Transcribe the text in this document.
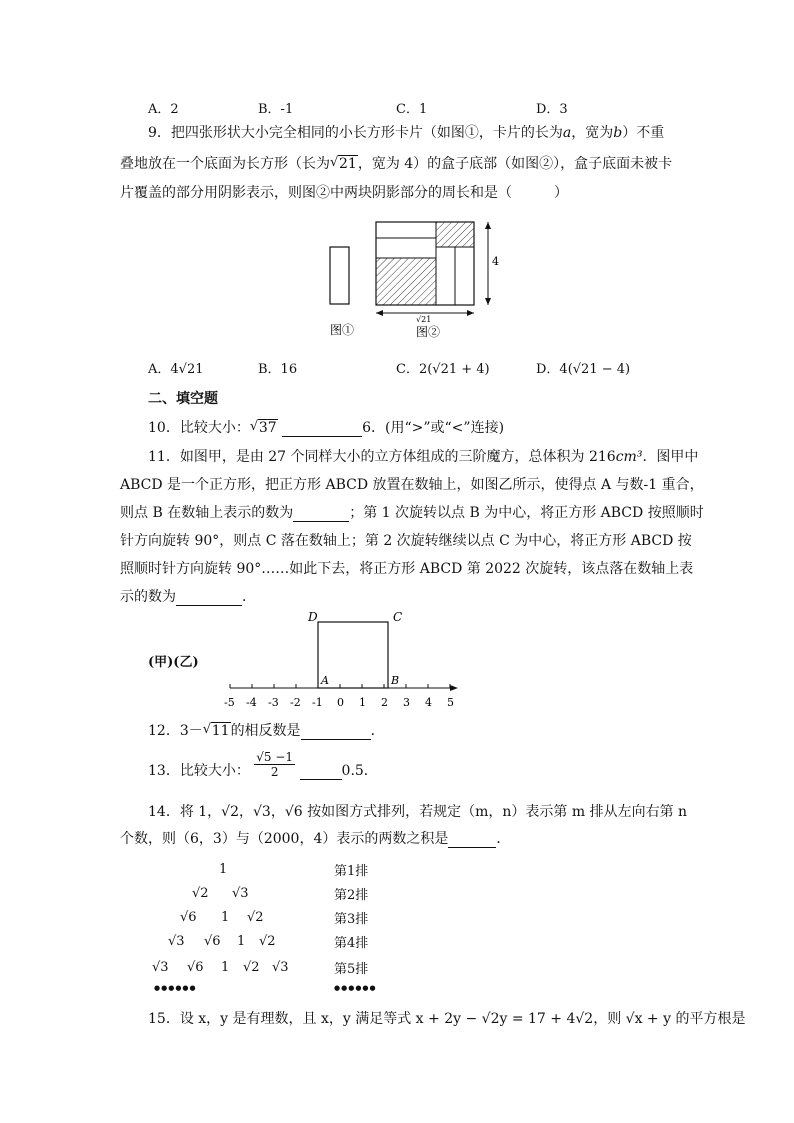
A．2	B．-1	C．1	D．3
9．把四张形状大小完全相同的小长方形卡片（如图①，卡片的长为a，宽为b）不重
叠地放在一个底面为长方形（长为 √ 21，宽为 4）的盒子底部（如图②），盒子底面未被卡
片覆盖的部分用阴影表示，则图②中两块阴影部分的周长和是（　　　）
4
√21
图①	图②
A．4√21	B．16	C．2(√21 + 4)	D．4(√21 − 4)
二、填空题
10．比较大小： √ 37	6．(用“>”或“<”连接)
11．如图甲，是由 27 个同样大小的立方体组成的三阶魔方，总体积为 216cm³．图甲中
ABCD 是一个正方形，把正方形 ABCD 放置在数轴上，如图乙所示，使得点 A 与数-1 重合，
则点 B 在数轴上表示的数为	；第 1 次旋转以点 B 为中心，将正方形 ABCD 按照顺时
针方向旋转 90°，则点 C 落在数轴上；第 2 次旋转继续以点 C 为中心，将正方形 ABCD 按
照顺时针方向旋转 90°……如此下去，将正方形 ABCD 第 2022 次旋转，该点落在数轴上表
示的数为	．
(甲)(乙)
D	C
A	B
-5 -4 -3 -2 -1 0 1 2 3 4 5
12．3－ √ 11的相反数是	．
13．比较大小： $\frac{√5 -1}{2}$	0.5．
14．将 1，√2，√3，√6 按如图方式排列，若规定（m，n）表示第 m 排从左向右第 n
个数，则（6，3）与（2000，4）表示的两数之积是	．
1
√2 √3
√6 1 √2
√3 √6 1 √2
√3 √6 1 √2 √3
●●●●●●
第1排
第2排
第3排
第4排
第5排
●●●●●●
15．设 x，y 是有理数，且 x，y 满足等式 x + 2y − √2y = 17 + 4√2，则 √x + y 的平方根是
